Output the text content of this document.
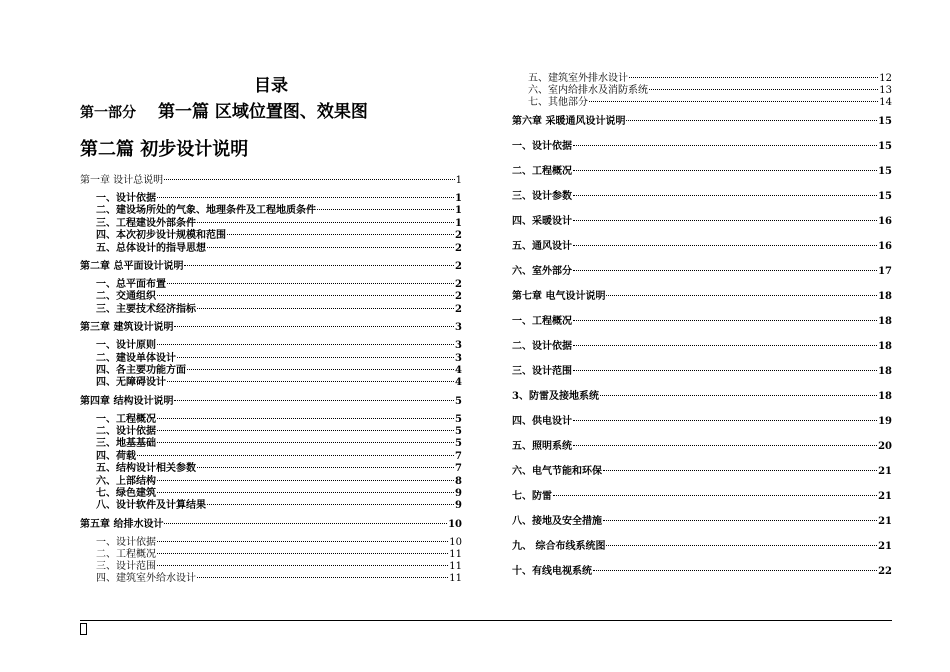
目录
第一部分 第一篇 区域位置图、效果图
第二篇 初步设计说明
第一章 设计总说明	1
一、设计依据	1
二、建设场所处的气象、地理条件及工程地质条件	1
三、工程建设外部条件	1
四、本次初步设计规模和范围	2
五、总体设计的指导思想	2
第二章 总平面设计说明	2
一、总平面布置	2
二、交通组织	2
三、主要技术经济指标	2
第三章 建筑设计说明	3
一、设计原则	3
二、建设单体设计	3
四、各主要功能方面	4
四、无障碍设计	4
第四章 结构设计说明	5
一、工程概况	5
二、设计依据	5
三、地基基础	5
四、荷载	7
五、结构设计相关参数	7
六、上部结构	8
七、绿色建筑	9
八、设计软件及计算结果	9
第五章 给排水设计	10
一、设计依据	10
二、工程概况	11
三、设计范围	11
四、建筑室外给水设计	11
五、建筑室外排水设计	12
六、室内给排水及消防系统	13
七、其他部分	14
第六章 采暖通风设计说明	15
一、设计依据	15
二、工程概况	15
三、设计参数	15
四、采暖设计	16
五、通风设计	16
六、室外部分	17
第七章 电气设计说明	18
一、工程概况	18
二、设计依据	18
三、设计范围	18
3、防雷及接地系统	18
四、供电设计	19
五、照明系统	20
六、电气节能和环保	21
七、防雷	21
八、接地及安全措施	21
九、 综合布线系统图	21
十、有线电视系统	22
